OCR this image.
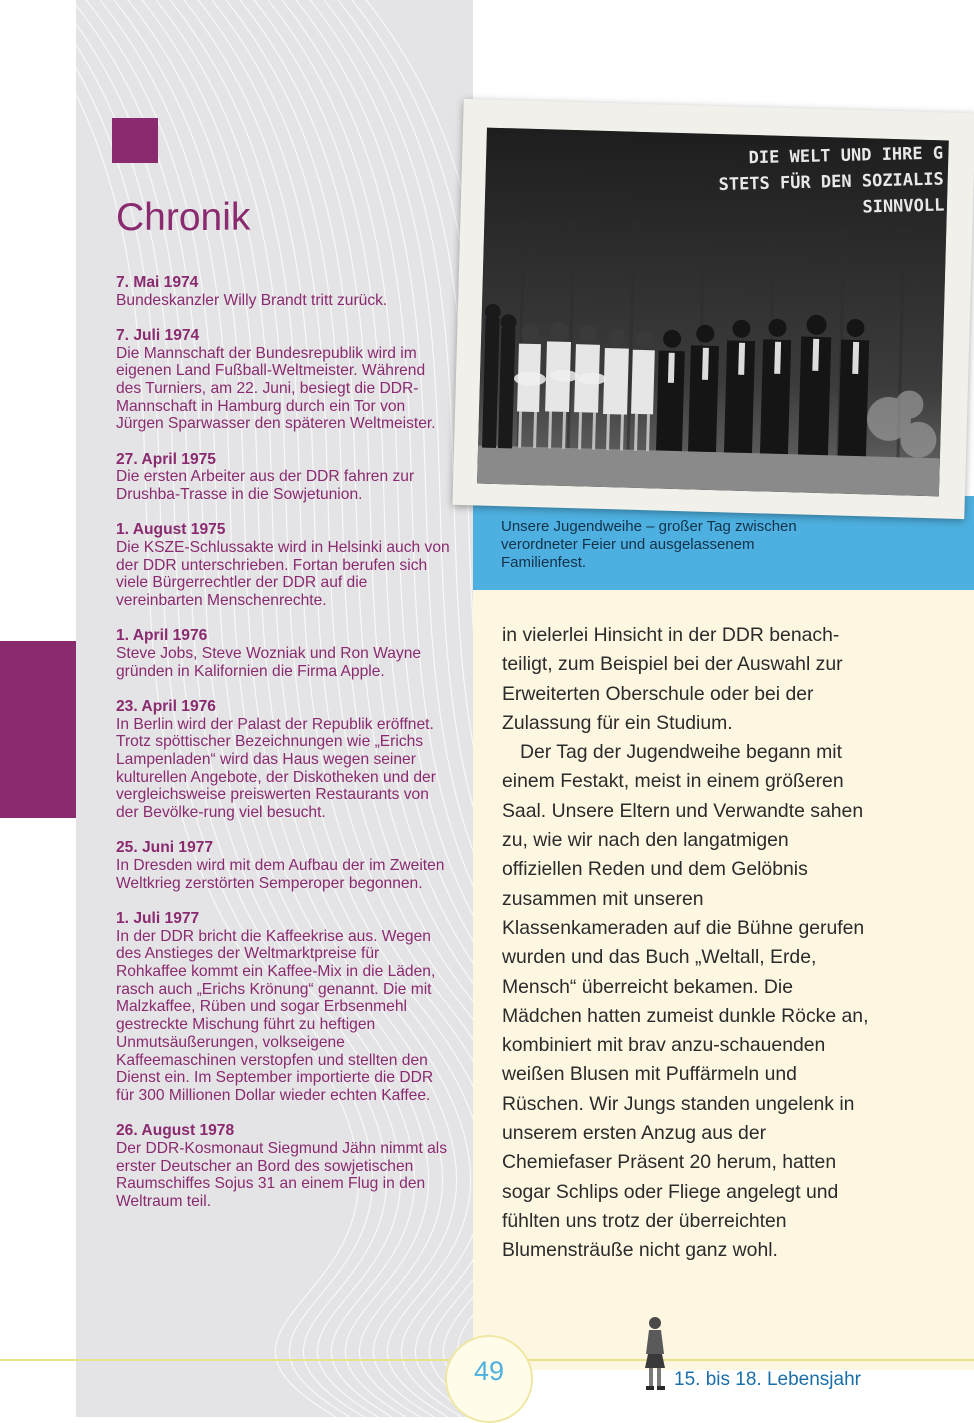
Chronik
7. Mai 1974
Bundeskanzler Willy Brandt tritt zurück.
7. Juli 1974
Die Mannschaft der Bundesrepublik wird im eigenen Land Fußball-Weltmeister. Während des Turniers, am 22. Juni, besiegt die DDR-Mannschaft in Hamburg durch ein Tor von Jürgen Sparwasser den späteren Weltmeister.
27. April 1975
Die ersten Arbeiter aus der DDR fahren zur Drushba-Trasse in die Sowjetunion.
1. August 1975
Die KSZE-Schlussakte wird in Helsinki auch von der DDR unterschrieben. Fortan berufen sich viele Bürgerrechtler der DDR auf die vereinbarten Menschenrechte.
1. April 1976
Steve Jobs, Steve Wozniak und Ron Wayne gründen in Kalifornien die Firma Apple.
23. April 1976
In Berlin wird der Palast der Republik eröffnet. Trotz spöttischer Bezeichnungen wie „Erichs Lampenladen“ wird das Haus wegen seiner kulturellen Angebote, der Diskotheken und der vergleichsweise preiswerten Restaurants von der Bevölke-rung viel besucht.
25. Juni 1977
In Dresden wird mit dem Aufbau der im Zweiten Weltkrieg zerstörten Semperoper begonnen.
1. Juli 1977
In der DDR bricht die Kaffeekrise aus. Wegen des Anstieges der Weltmarktpreise für Rohkaffee kommt ein Kaffee-Mix in die Läden, rasch auch „Erichs Krönung“ genannt. Die mit Malzkaffee, Rüben und sogar Erbsenmehl gestreckte Mischung führt zu heftigen Unmutsäußerungen, volkseigene Kaffeemaschinen verstopfen und stellten den Dienst ein. Im September importierte die DDR für 300 Millionen Dollar wieder echten Kaffee.
26. August 1978
Der DDR-Kosmonaut Siegmund Jähn nimmt als erster Deutscher an Bord des sowjetischen Raumschiffes Sojus 31 an einem Flug in den Weltraum teil.
DIE WELT UND IHRE G
STETS FÜR DEN SOZIALIS
SINNVOLL
Unsere Jugendweihe – großer Tag zwischen verordneter Feier und ausgelassenem Familienfest.

in vielerlei Hinsicht in der DDR benach-teiligt, zum Beispiel bei der Auswahl zur Erweiterten Oberschule oder bei der Zulassung für ein Studium.

Der Tag der Jugendweihe begann mit einem Festakt, meist in einem größeren Saal. Unsere Eltern und Verwandte sahen zu, wie wir nach den langatmigen offiziellen Reden und dem Gelöbnis zusammen mit unseren Klassenkameraden auf die Bühne gerufen wurden und das Buch „Weltall, Erde, Mensch“ überreicht bekamen. Die Mädchen hatten zumeist dunkle Röcke an, kombiniert mit brav anzu-schauenden weißen Blusen mit Puffärmeln und Rüschen. Wir Jungs standen ungelenk in unserem ersten Anzug aus der Chemiefaser Präsent 20 herum, hatten sogar Schlips oder Fliege angelegt und fühlten uns trotz der überreichten Blumensträuße nicht ganz wohl.

49	15. bis 18. Lebensjahr
